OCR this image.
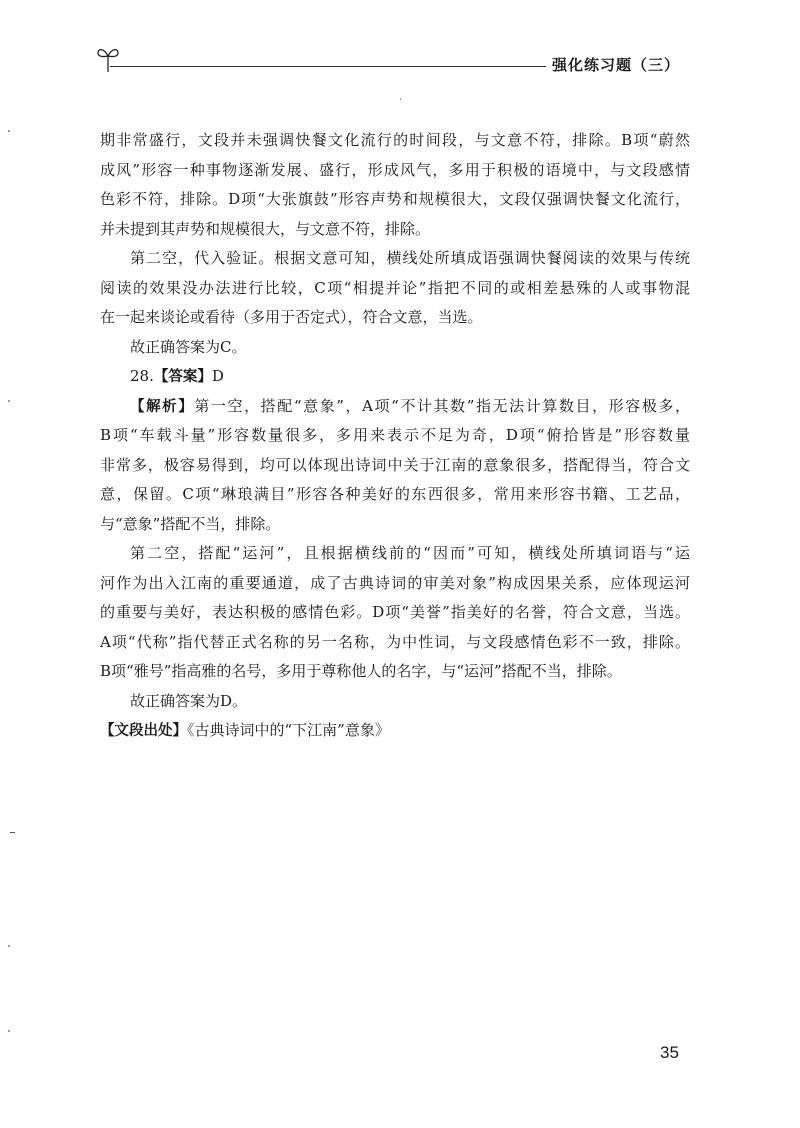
强化练习题（三）
期非常盛行，文段并未强调快餐文化流行的时间段，与文意不符，排除。B项“蔚然
成风”形容一种事物逐渐发展、盛行，形成风气，多用于积极的语境中，与文段感情
色彩不符，排除。D项“大张旗鼓”形容声势和规模很大，文段仅强调快餐文化流行，
并未提到其声势和规模很大，与文意不符，排除。
第二空，代入验证。根据文意可知，横线处所填成语强调快餐阅读的效果与传统
阅读的效果没办法进行比较，C项“相提并论”指把不同的或相差悬殊的人或事物混
在一起来谈论或看待（多用于否定式），符合文意，当选。
故正确答案为C。
28.【答案】D
【解析】第一空，搭配“意象”，A项“不计其数”指无法计算数目，形容极多，
B项“车载斗量”形容数量很多，多用来表示不足为奇，D项“俯拾皆是”形容数量
非常多，极容易得到，均可以体现出诗词中关于江南的意象很多，搭配得当，符合文
意，保留。C项“琳琅满目”形容各种美好的东西很多，常用来形容书籍、工艺品，
与“意象”搭配不当，排除。
第二空，搭配“运河”，且根据横线前的“因而”可知，横线处所填词语与“运
河作为出入江南的重要通道，成了古典诗词的审美对象”构成因果关系，应体现运河
的重要与美好，表达积极的感情色彩。D项“美誉”指美好的名誉，符合文意，当选。
A项“代称”指代替正式名称的另一名称，为中性词，与文段感情色彩不一致，排除。
B项“雅号”指高雅的名号，多用于尊称他人的名字，与“运河”搭配不当，排除。
故正确答案为D。
【文段出处】《古典诗词中的“下江南”意象》
35
